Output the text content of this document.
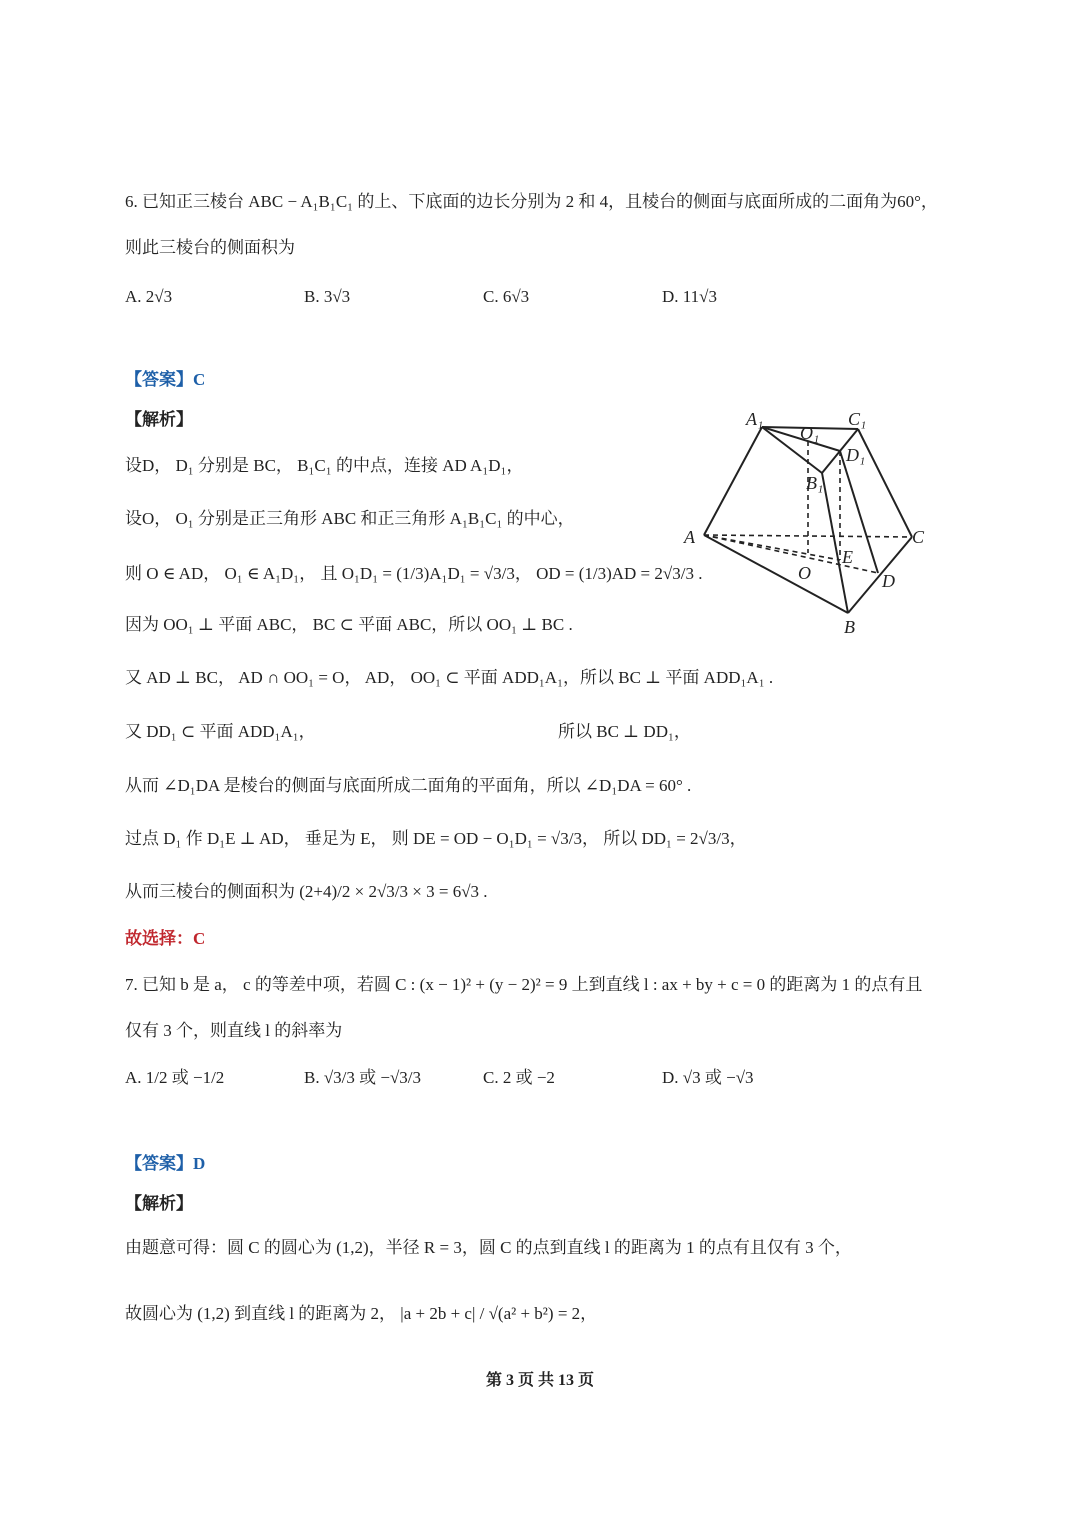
6. 已知正三棱台 ABC − A₁B₁C₁ 的上、下底面的边长分别为 2 和 4，且棱台的侧面与底面所成的二面角为60°，
则此三棱台的侧面积为
A. 2√3	B. 3√3	C. 6√3	D. 11√3
【答案】C
【解析】
设D， D₁ 分别是 BC， B₁C₁ 的中点，连接 AD A₁D₁，
设O， O₁ 分别是正三角形 ABC 和正三角形 A₁B₁C₁ 的中心，
则 O ∈ AD， O₁ ∈ A₁D₁， 且 O₁D₁ = (1/3)A₁D₁ = √3/3， OD = (1/3)AD = 2√3/3 .
因为 OO₁ ⊥ 平面 ABC， BC ⊂ 平面 ABC，所以 OO₁ ⊥ BC .
又 AD ⊥ BC， AD ∩ OO₁ = O， AD， OO₁ ⊂ 平面 ADD₁A₁，所以 BC ⊥ 平面 ADD₁A₁ .
又 DD₁ ⊂ 平面 ADD₁A₁，	所以 BC ⊥ DD₁，
从而 ∠D₁DA 是棱台的侧面与底面所成二面角的平面角，所以 ∠D₁DA = 60° .
过点 D₁ 作 D₁E ⊥ AD， 垂足为 E， 则 DE = OD − O₁D₁ = √3/3， 所以 DD₁ = 2√3/3，
从而三棱台的侧面积为 (2+4)/2 × 2√3/3 × 3 = 6√3 .
故选择：C
A₁
O₁
C₁
D₁
B₁
A	C
E
O	D
B
7. 已知 b 是 a， c 的等差中项，若圆 C : (x − 1)² + (y − 2)² = 9 上到直线 l : ax + by + c = 0 的距离为 1 的点有且
仅有 3 个，则直线 l 的斜率为
A. 1/2 或 −1/2	B. √3/3 或 −√3/3	C. 2 或 −2	D. √3 或 −√3
【答案】D
【解析】
由题意可得：圆 C 的圆心为 (1,2)，半径 R = 3，圆 C 的点到直线 l 的距离为 1 的点有且仅有 3 个，
故圆心为 (1,2) 到直线 l 的距离为 2， |a + 2b + c| / √(a² + b²) = 2，
第 3 页 共 13 页
